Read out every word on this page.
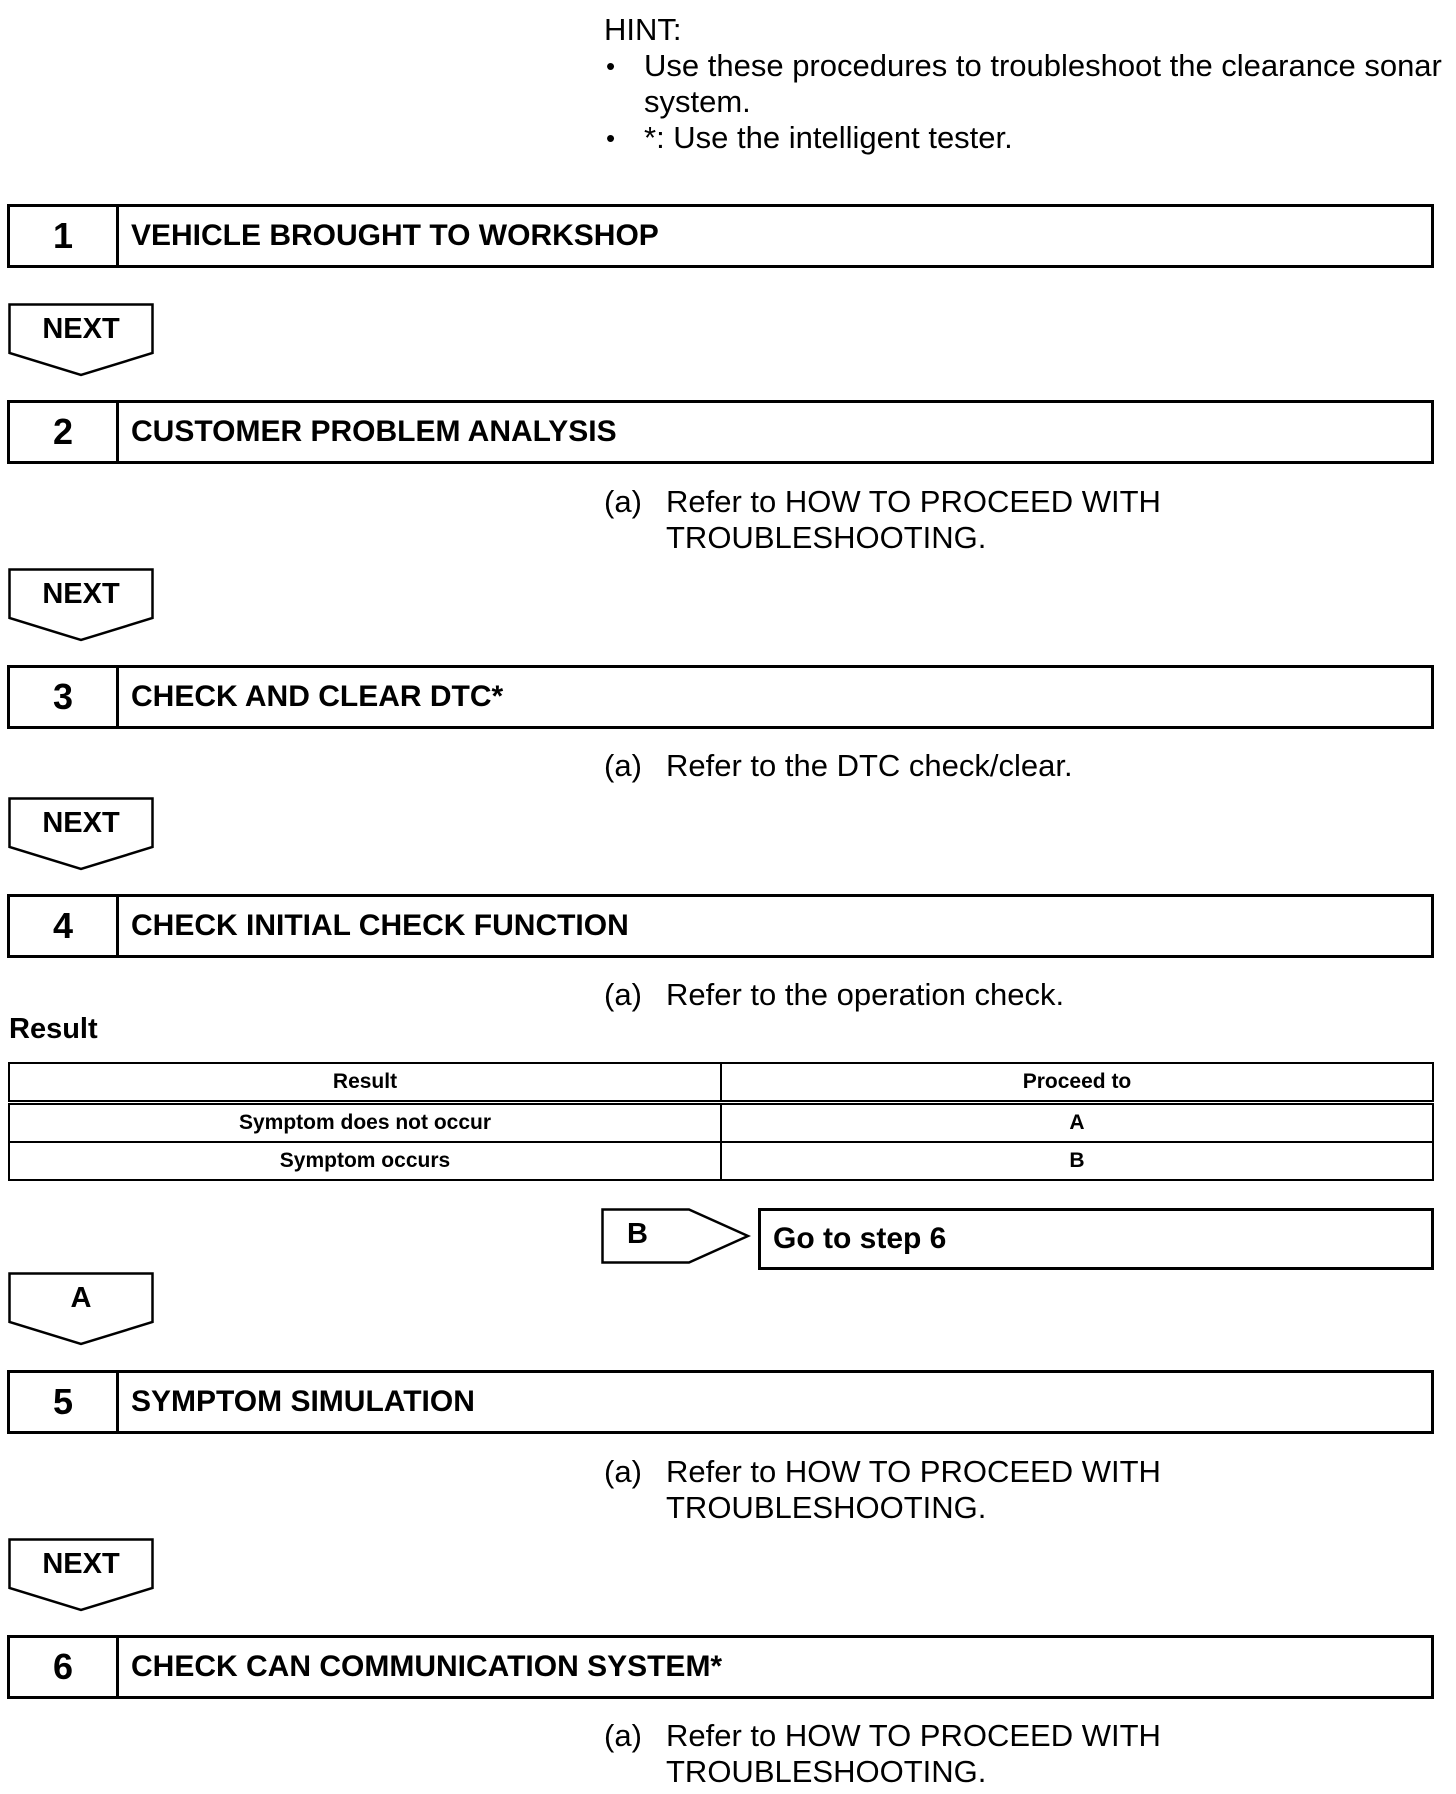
HINT:
• Use these procedures to troubleshoot the clearance sonar system.
• *: Use the intelligent tester.
1	VEHICLE BROUGHT TO WORKSHOP
NEXT
2	CUSTOMER PROBLEM ANALYSIS
(a) Refer to HOW TO PROCEED WITH TROUBLESHOOTING.
NEXT
3	CHECK AND CLEAR DTC*
(a) Refer to the DTC check/clear.
NEXT
4	CHECK INITIAL CHECK FUNCTION
(a) Refer to the operation check.
Result
Result	Proceed to
Symptom does not occur	A
Symptom occurs	B
B	Go to step 6
A
5	SYMPTOM SIMULATION
(a) Refer to HOW TO PROCEED WITH TROUBLESHOOTING.
NEXT
6	CHECK CAN COMMUNICATION SYSTEM*
(a) Refer to HOW TO PROCEED WITH TROUBLESHOOTING.
